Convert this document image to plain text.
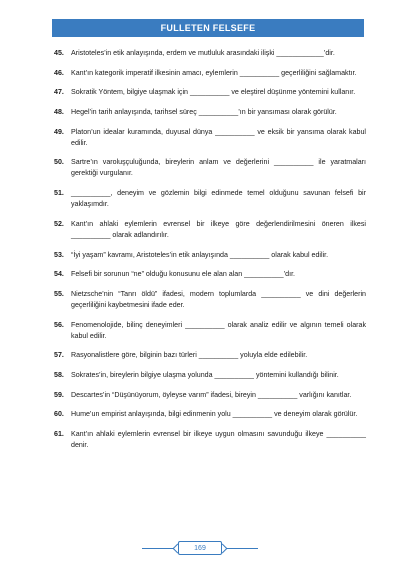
FULLETEN FELSEFE
45.	Aristoteles’in etik anlayışında, erdem ve mutluluk arasındaki ilişki ____________’dir.
46.	Kant’ın kategorik imperatif ilkesinin amacı, eylemlerin __________ geçerliliğini sağlamaktır.
47.	Sokratik Yöntem, bilgiye ulaşmak için __________ ve eleştirel düşünme yöntemini kullanır.
48.	Hegel’in tarih anlayışında, tarihsel süreç __________’ın bir yansıması olarak görülür.
49.	Platon’un idealar kuramında, duyusal dünya __________ ve eksik bir yansıma olarak kabul edilir.
50.	Sartre’ın varoluşçuluğunda, bireylerin anlam ve değerlerini __________ ile yaratmaları gerektiği vurgulanır.
51.	__________, deneyim ve gözlemin bilgi edinmede temel olduğunu savunan felsefi bir yaklaşımdır.
52.	Kant’ın ahlaki eylemlerin evrensel bir ilkeye göre değerlendirilmesini öneren ilkesi __________ olarak adlandırılır.
53.	“İyi yaşam” kavramı, Aristoteles’in etik anlayışında __________ olarak kabul edilir.
54.	Felsefi bir sorunun “ne” olduğu konusunu ele alan alan __________’dır.
55.	Nietzsche’nin “Tanrı öldü” ifadesi, modern toplumlarda __________ ve dini değerlerin geçerliliğini kaybetmesini ifade eder.
56.	Fenomenolojide, bilinç deneyimleri __________ olarak analiz edilir ve algının temeli olarak kabul edilir.
57.	Rasyonalistlere göre, bilginin bazı türleri __________ yoluyla elde edilebilir.
58.	Sokrates’in, bireylerin bilgiye ulaşma yolunda __________ yöntemini kullandığı bilinir.
59.	Descartes’in “Düşünüyorum, öyleyse varım” ifadesi, bireyin __________ varlığını kanıtlar.
60.	Hume’un empirist anlayışında, bilgi edinmenin yolu __________ ve deneyim olarak görülür.
61.	Kant’ın ahlaki eylemlerin evrensel bir ilkeye uygun olmasını savunduğu ilkeye __________ denir.
169
